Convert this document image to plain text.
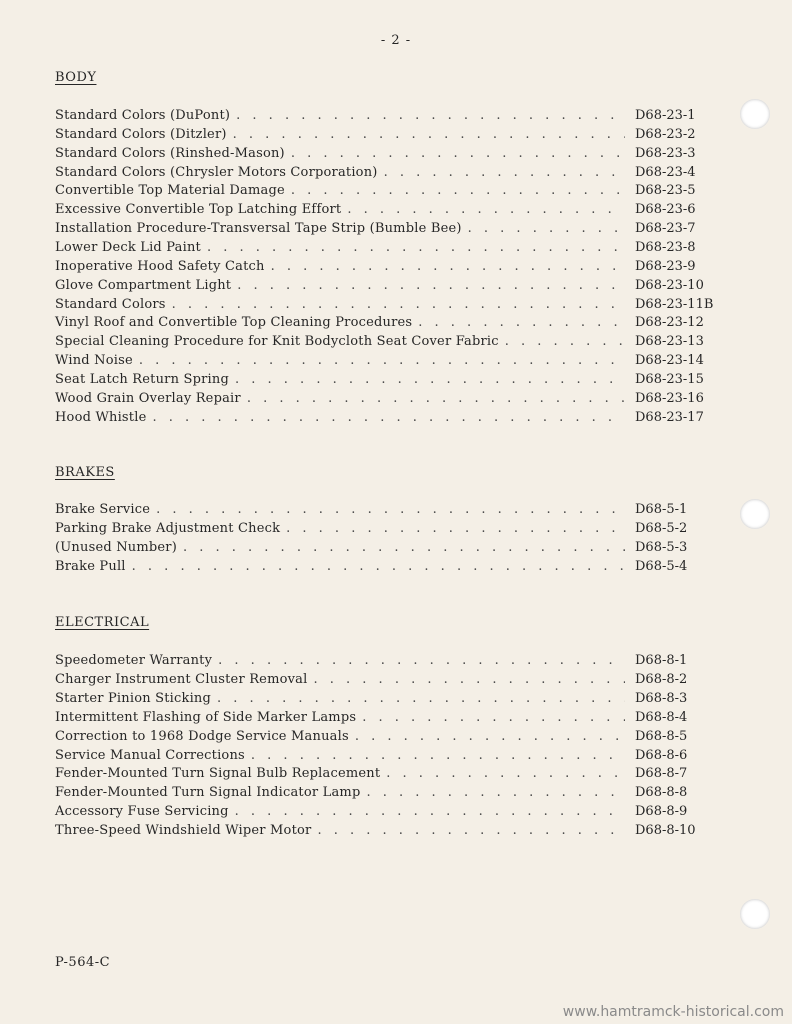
- 2 -
BODY
Standard Colors (DuPont) . . .	D68-23-1
Standard Colors (Ditzler) . . .	D68-23-2
Standard Colors (Rinshed-Mason) . . .	D68-23-3
Standard Colors (Chrysler Motors Corporation) . . .	D68-23-4
Convertible Top Material Damage . . .	D68-23-5
Excessive Convertible Top Latching Effort . . .	D68-23-6
Installation Procedure-Transversal Tape Strip (Bumble Bee) . . .	D68-23-7
Lower Deck Lid Paint . . .	D68-23-8
Inoperative Hood Safety Catch . . .	D68-23-9
Glove Compartment Light . . .	D68-23-10
Standard Colors . . .	D68-23-11B
Vinyl Roof and Convertible Top Cleaning Procedures . . .	D68-23-12
Special Cleaning Procedure for Knit Bodycloth Seat Cover Fabric . . .	D68-23-13
Wind Noise . . .	D68-23-14
Seat Latch Return Spring . . .	D68-23-15
Wood Grain Overlay Repair . . .	D68-23-16
Hood Whistle . . .	D68-23-17
BRAKES
Brake Service . . .	D68-5-1
Parking Brake Adjustment Check . . .	D68-5-2
(Unused Number) . . .	D68-5-3
Brake Pull . . .	D68-5-4
ELECTRICAL
Speedometer Warranty . . .	D68-8-1
Charger Instrument Cluster Removal . . .	D68-8-2
Starter Pinion Sticking . . .	D68-8-3
Intermittent Flashing of Side Marker Lamps . . .	D68-8-4
Correction to 1968 Dodge Service Manuals . . .	D68-8-5
Service Manual Corrections . . .	D68-8-6
Fender-Mounted Turn Signal Bulb Replacement . . .	D68-8-7
Fender-Mounted Turn Signal Indicator Lamp . . .	D68-8-8
Accessory Fuse Servicing . . .	D68-8-9
Three-Speed Windshield Wiper Motor . . .	D68-8-10
P-564-C
www.hamtramck-historical.com
